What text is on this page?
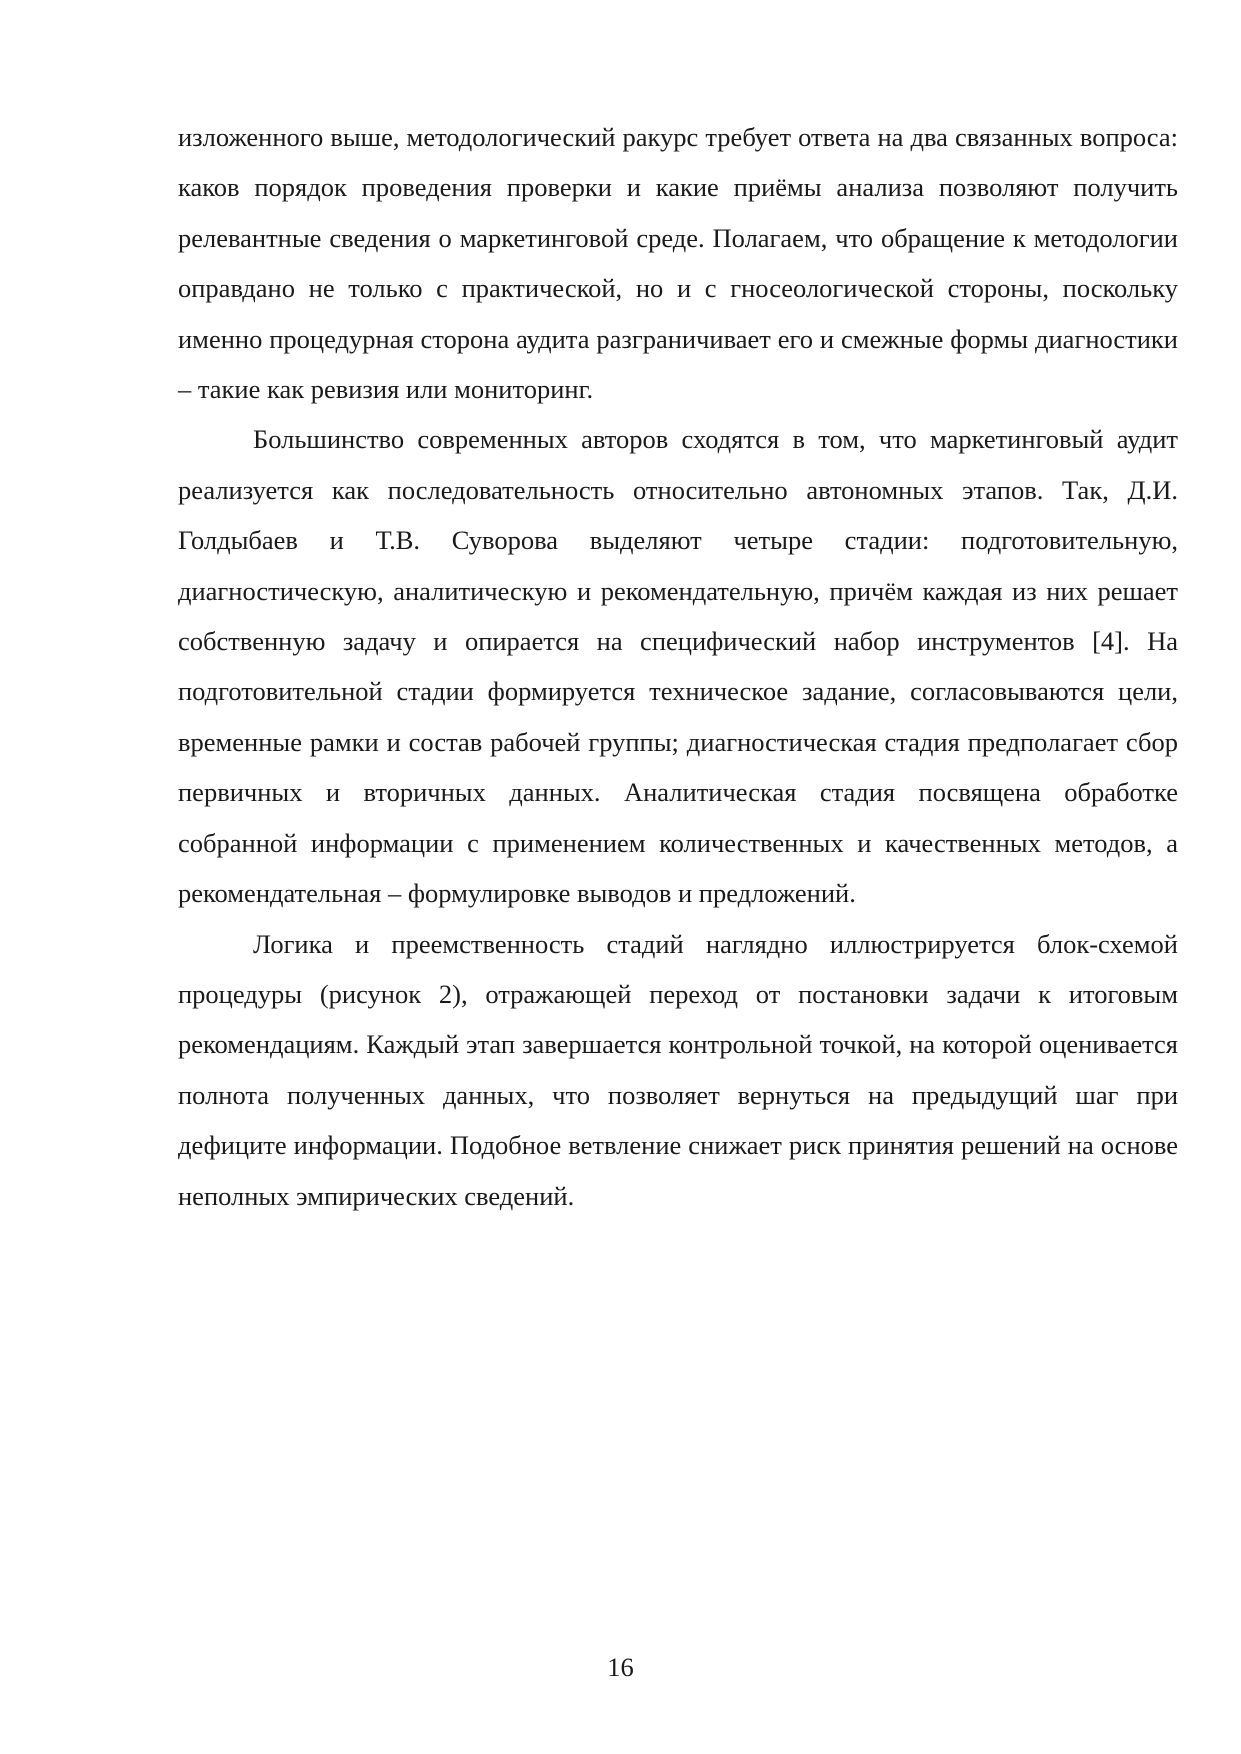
изложенного выше, методологический ракурс требует ответа на два связанных вопроса: каков порядок проведения проверки и какие приёмы анализа позволяют получить релевантные сведения о маркетинговой среде. Полагаем, что обращение к методологии оправдано не только с практической, но и с гносеологической стороны, поскольку именно процедурная сторона аудита разграничивает его и смежные формы диагностики – такие как ревизия или мониторинг.

Большинство современных авторов сходятся в том, что маркетинговый аудит реализуется как последовательность относительно автономных этапов. Так, Д.И. Голдыбаев и Т.В. Суворова выделяют четыре стадии: подготовительную, диагностическую, аналитическую и рекомендательную, причём каждая из них решает собственную задачу и опирается на специфический набор инструментов [4]. На подготовительной стадии формируется техническое задание, согласовываются цели, временные рамки и состав рабочей группы; диагностическая стадия предполагает сбор первичных и вторичных данных. Аналитическая стадия посвящена обработке собранной информации с применением количественных и качественных методов, а рекомендательная – формулировке выводов и предложений.

Логика и преемственность стадий наглядно иллюстрируется блок-схемой процедуры (рисунок 2), отражающей переход от постановки задачи к итоговым рекомендациям. Каждый этап завершается контрольной точкой, на которой оценивается полнота полученных данных, что позволяет вернуться на предыдущий шаг при дефиците информации. Подобное ветвление снижает риск принятия решений на основе неполных эмпирических сведений.

16
